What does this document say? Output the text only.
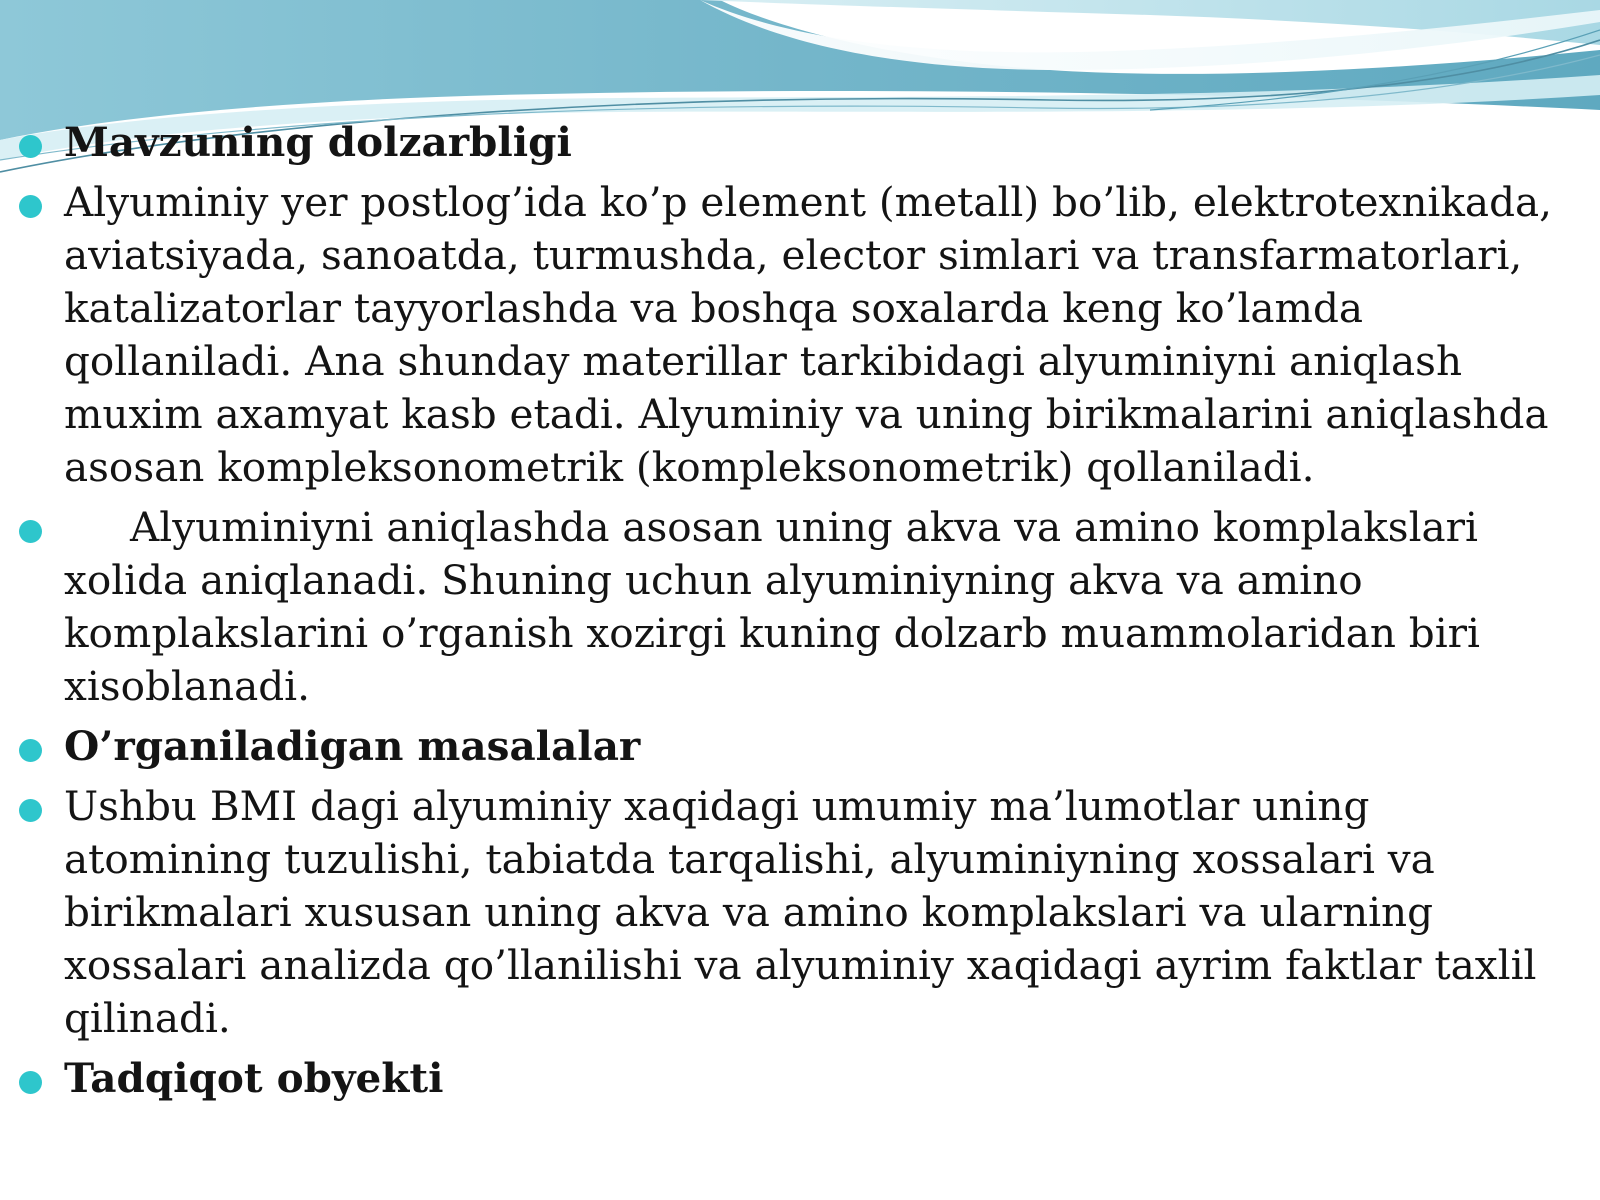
Mavzuning dolzarbligi
Alyuminiy yer postlog’ida ko’p element (metall) bo’lib, elektrotexnikada, aviatsiyada, sanoatda, turmushda, elector simlari va transfarmatorlari, katalizatorlar tayyorlashda va boshqa soxalarda keng ko’lamda qollaniladi. Ana shunday materillar tarkibidagi alyuminiyni aniqlash muxim axamyat kasb etadi. Alyuminiy va uning birikmalarini aniqlashda asosan kompleksonometrik (kompleksonometrik) qollaniladi.
Alyuminiyni aniqlashda asosan uning akva va amino komplakslari xolida aniqlanadi. Shuning uchun alyuminiyning akva va amino komplakslarini o’rganish xozirgi kuning dolzarb muammolaridan biri xisoblanadi.
O’rganiladigan masalalar
Ushbu BMI dagi alyuminiy xaqidagi umumiy ma’lumotlar uning atomining tuzulishi, tabiatda tarqalishi, alyuminiyning xossalari va birikmalari xususan uning akva va amino komplakslari va ularning xossalari analizda qo’llanilishi va alyuminiy xaqidagi ayrim faktlar taxlil qilinadi.
Tadqiqot obyekti
